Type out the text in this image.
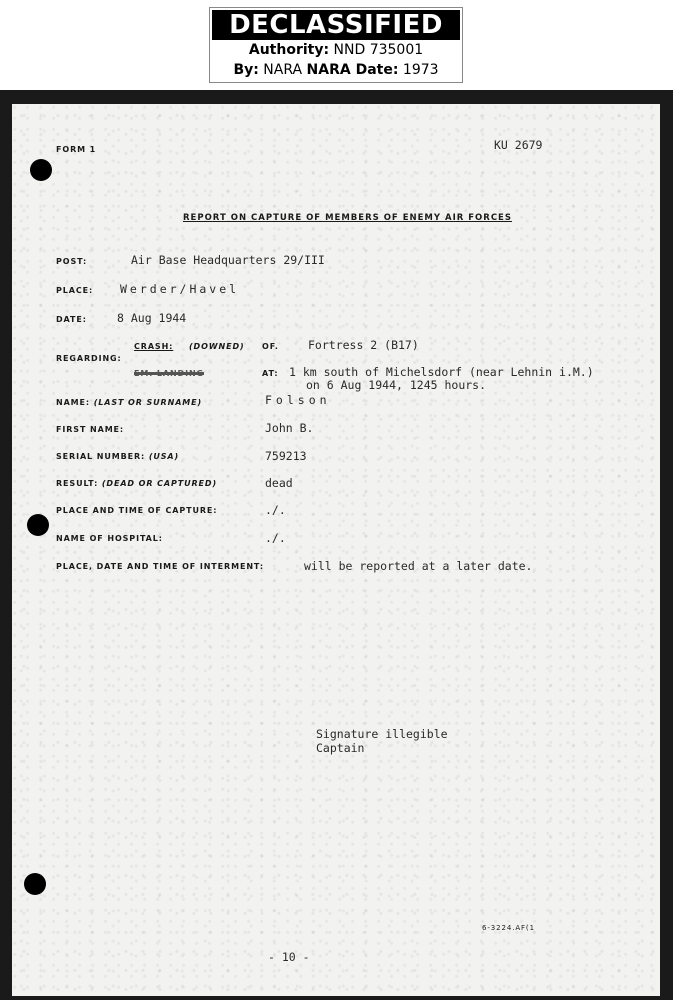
DECLASSIFIED
Authority: NND 735001
By: NARA NARA Date: 1973
FORM 1	KU 2679
REPORT ON CAPTURE OF MEMBERS OF ENEMY AIR FORCES
POST:	Air Base Headquarters 29/III
PLACE: Werder/Havel
DATE:	8 Aug 1944
REGARDING:
CRASH: (DOWNED)
EM. LANDING
OF.	Fortress 2 (B17)
AT: 1 km south of Michelsdorf (near Lehnin i.M.)
on 6 Aug 1944, 1245 hours.
NAME: (LAST OR SURNAME)	Folson
FIRST NAME:	John B.
SERIAL NUMBER: (USA)	759213
RESULT: (DEAD OR CAPTURED)	dead
PLACE AND TIME OF CAPTURE:	./.
NAME OF HOSPITAL:	./.
PLACE, DATE AND TIME OF INTERMENT:	will be reported at a later date.
Signature illegible
Captain
6-3224.AF(1
- 10 -
